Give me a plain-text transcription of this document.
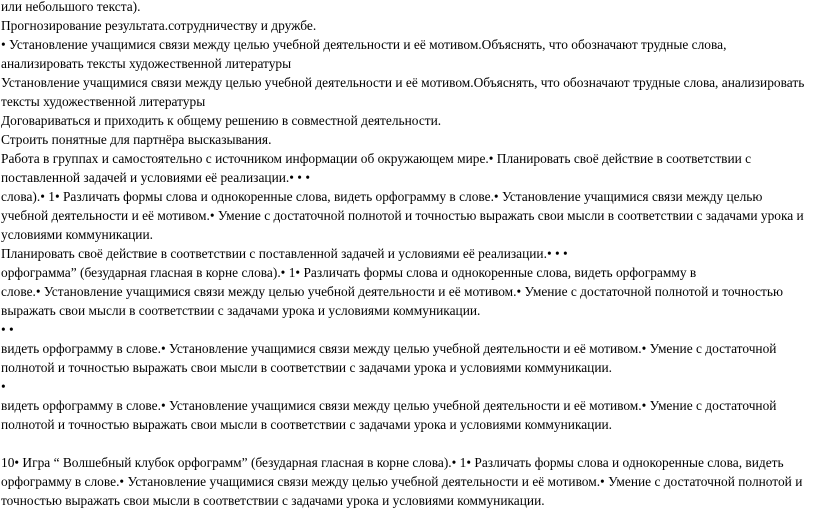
или небольшого текста).

Прогнозирование результата.сотрудничеству и дружбе.

• Установление учащимися связи между целью учебной деятельности и её мотивом.Объяснять, что обозначают трудные слова,

анализировать тексты художественной литературы

Установление учащимися связи между целью учебной деятельности и её мотивом.Объяснять, что обозначают трудные слова, анализировать

тексты художественной литературы

Договариваться и приходить к общему решению в совместной деятельности.

Строить понятные для партнёра высказывания.

Работа в группах и самостоятельно с источником информации об окружающем мире.• Планировать своё действие в соответствии с

поставленной задачей и условиями её реализации.• • •

слова).• 1• Различать формы слова и однокоренные слова, видеть орфограмму в слове.• Установление учащимися связи между целью

учебной деятельности и её мотивом.• Умение с достаточной полнотой и точностью выражать свои мысли в соответствии с задачами урока и

условиями коммуникации.

Планировать своё действие в соответствии с поставленной задачей и условиями её реализации.• • •

орфограмма” (безударная гласная в корне слова).• 1• Различать формы слова и однокоренные слова, видеть орфограмму в

слове.• Установление учащимися связи между целью учебной деятельности и её мотивом.• Умение с достаточной полнотой и точностью

выражать свои мысли в соответствии с задачами урока и условиями коммуникации.

• •

видеть орфограмму в слове.• Установление учащимися связи между целью учебной деятельности и её мотивом.• Умение с достаточной

полнотой и точностью выражать свои мысли в соответствии с задачами урока и условиями коммуникации.

•

видеть орфограмму в слове.• Установление учащимися связи между целью учебной деятельности и её мотивом.• Умение с достаточной

полнотой и точностью выражать свои мысли в соответствии с задачами урока и условиями коммуникации.

10• Игра “ Волшебный клубок орфограмм” (безударная гласная в корне слова).• 1• Различать формы слова и однокоренные слова, видеть

орфограмму в слове.• Установление учащимися связи между целью учебной деятельности и её мотивом.• Умение с достаточной полнотой и

точностью выражать свои мысли в соответствии с задачами урока и условиями коммуникации.
